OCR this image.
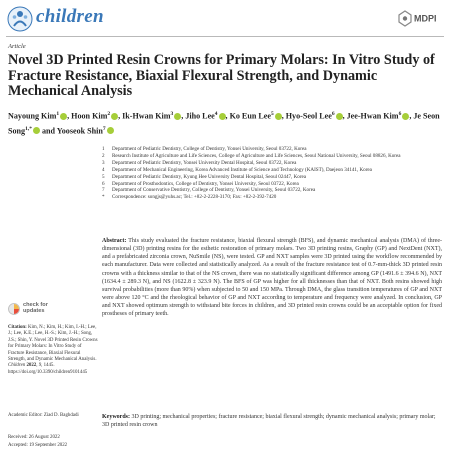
children	MDPI
Article
Novel 3D Printed Resin Crowns for Primary Molars: In Vitro Study of Fracture Resistance, Biaxial Flexural Strength, and Dynamic Mechanical Analysis
Nayoung Kim$^1$ , Hoon Kim$^2$ , Ik-Hwan Kim$^3$ , Jiho Lee$^4$ , Ko Eun Lee$^5$ , Hyo-Seol Lee$^6$ , Jee-Hwan Kim$^6$ , Je Seon Song$^{1,*}$ and Yooseok Shin$^7$
1 Department of Pediatric Dentistry, College of Dentistry, Yonsei University, Seoul 03722, Korea
2 Research Institute of Agriculture and Life Sciences, College of Agriculture and Life Sciences, Seoul National University, Seoul 08826, Korea
3 Department of Pediatric Dentistry, Yonsei University Dental Hospital, Seoul 03722, Korea
4 Department of Mechanical Engineering, Korea Advanced Institute of Science and Technology (KAIST), Daejeon 34141, Korea
5 Department of Pediatric Dentistry, Kyung Hee University Dental Hospital, Seoul 02447, Korea
6 Department of Prosthodontics, College of Dentistry, Yonsei University, Seoul 03722, Korea
7 Department of Conservative Dentistry, College of Dentistry, Yonsei University, Seoul 03722, Korea
* Correspondence: songjs@yuhs.ac; Tel.: +82-2-2228-3170; Fax: +82-2-392-7420
check for
updates
Citation: Kim, N.; Kim, H.; Kim, I.-H.; Lee, J.; Lee, K.E.; Lee, H.-S.; Kim, J.-H.; Song, J.S.; Shin, Y. Novel 3D Printed Resin Crowns for Primary Molars: In Vitro Study of Fracture Resistance, Biaxial Flexural Strength, and Dynamic Mechanical Analysis. Children 2022, 9, 1445. https://doi.org/10.3390/children9101445
Academic Editor: Ziad D. Baghdadi
Received: 26 August 2022
Accepted: 19 September 2022
Abstract: This study evaluated the fracture resistance, biaxial flexural strength (BFS), and dynamic mechanical analysis (DMA) of three-dimensional (3D) printing resins for the esthetic restoration of primary molars. Two 3D printing resins, Graphy (GP) and NextDent (NXT), and a prefabricated zirconia crown, NuSmile (NS), were tested. GP and NXT samples were 3D printed using the workflow recommended by each manufacturer. Data were collected and statistically analyzed. As a result of the fracture resistance test of 0.7-mm-thick 3D printed resin crowns with a thickness similar to that of the NS crown, there was no statistically significant difference among GP (1491.6 ± 394.6 N), NXT (1634.4 ± 289.3 N), and NS (1622.8 ± 323.9 N). The BFS of GP was higher for all thicknesses than that of NXT. Both resins showed high survival probabilities (more than 90%) when subjected to 50 and 150 MPa. Through DMA, the glass transition temperatures of GP and NXT were above 120 °C and the rheological behavior of GP and NXT according to temperature and frequency were analyzed. In conclusion, GP and NXT showed optimum strength to withstand bite forces in children, and 3D printed resin crowns could be an acceptable option for fixed prostheses of primary teeth.
Keywords: 3D printing; mechanical properties; fracture resistance; biaxial flexural strength; dynamic mechanical analysis; primary molar; 3D printed resin crown
